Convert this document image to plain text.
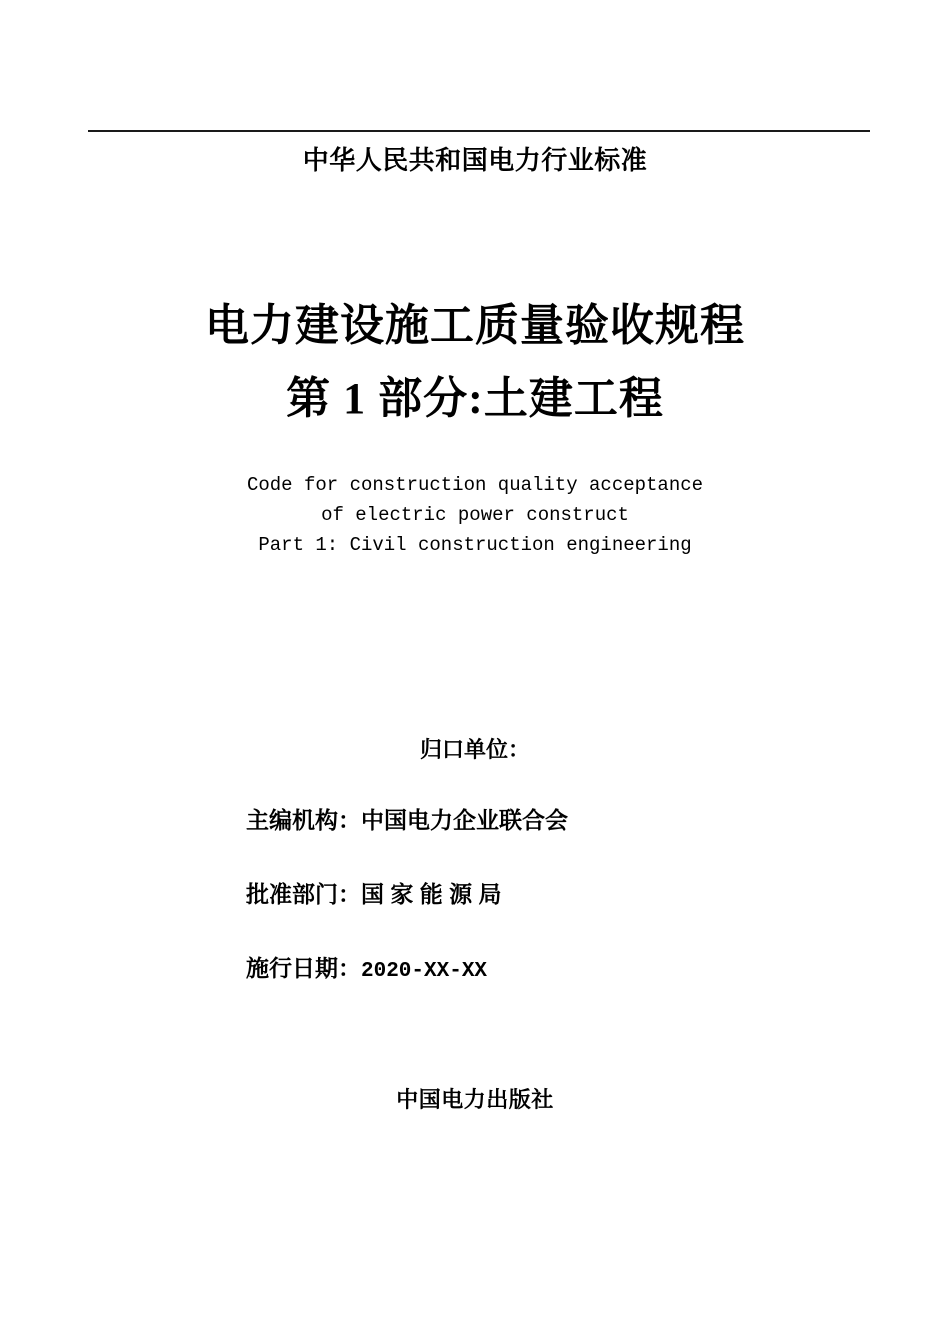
中华人民共和国电力行业标准
电力建设施工质量验收规程
第 1 部分:土建工程
Code for construction quality acceptance
of electric power construct
Part 1: Civil construction engineering
归口单位：
主编机构：中国电力企业联合会
批准部门：国 家 能 源 局
施行日期：2020-XX-XX
中国电力出版社
